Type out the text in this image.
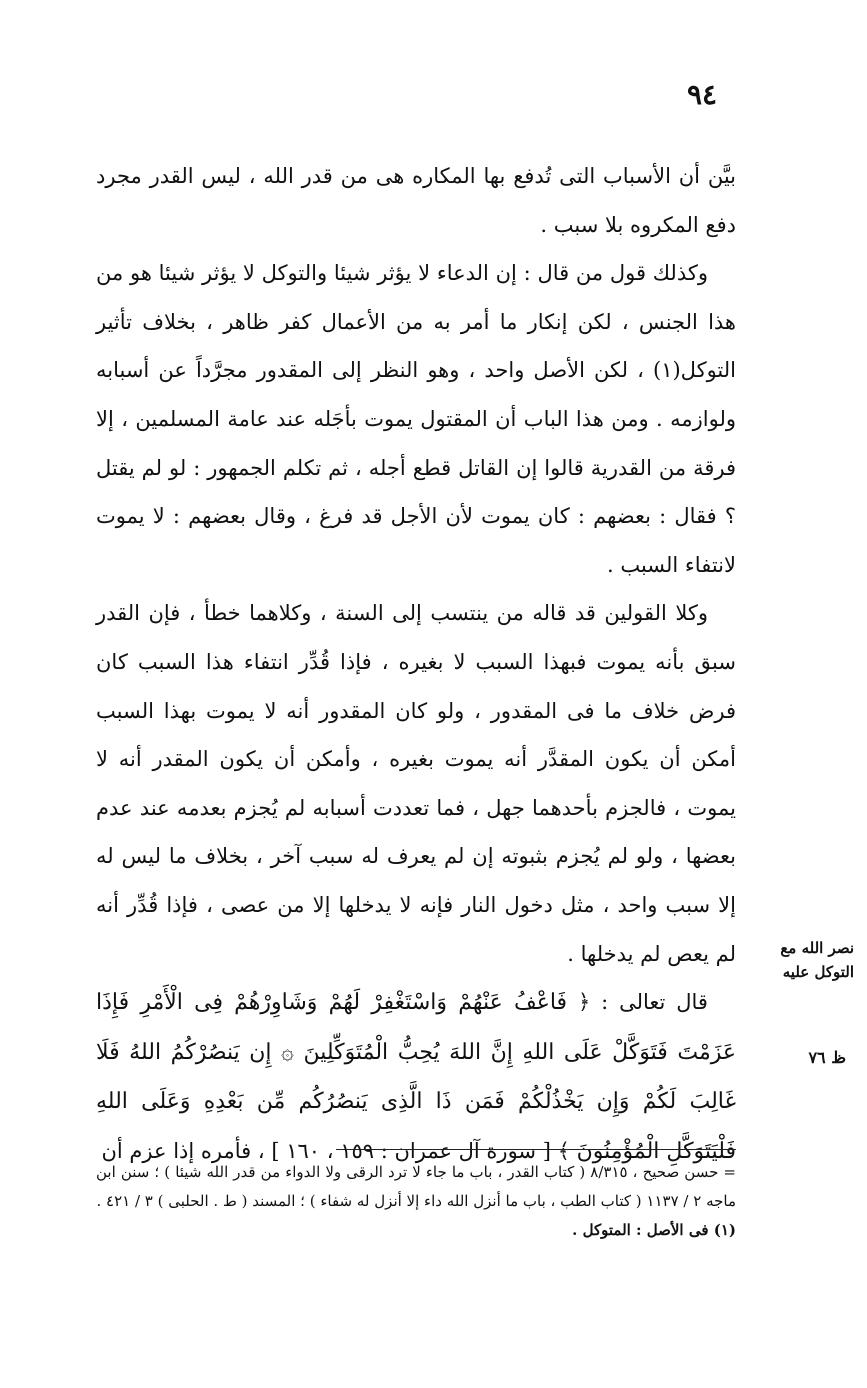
٩٤

بيَّن أن الأسباب التى تُدفع بها المكاره هى من قدر الله ، ليس القدر مجرد دفع المكروه بلا سبب .

وكذلك قول من قال : إن الدعاء لا يؤثر شيئا والتوكل لا يؤثر شيئا هو من هذا الجنس ، لكن إنكار ما أمر به من الأعمال كفر ظاهر ، بخلاف تأثير التوكل(١) ، لكن الأصل واحد ، وهو النظر إلى المقدور مجرَّداً عن أسبابه ولوازمه . ومن هذا الباب أن المقتول يموت بأجَله عند عامة المسلمين ، إلا فرقة من القدرية قالوا إن القاتل قطع أجله ، ثم تكلم الجمهور : لو لم يقتل ؟ فقال : بعضهم : كان يموت لأن الأجل قد فرغ ، وقال بعضهم : لا يموت لانتفاء السبب .

وكلا القولين قد قاله من ينتسب إلى السنة ، وكلاهما خطأ ، فإن القدر سبق بأنه يموت فبهذا السبب لا بغيره ، فإذا قُدِّر انتفاء هذا السبب كان فرض خلاف ما فى المقدور ، ولو كان المقدور أنه لا يموت بهذا السبب أمكن أن يكون المقدَّر أنه يموت بغيره ، وأمكن أن يكون المقدر أنه لا يموت ، فالجزم بأحدهما جهل ، فما تعددت أسبابه لم يُجزم بعدمه عند عدم بعضها ، ولو لم يُجزم بثبوته إن لم يعرف له سبب آخر ، بخلاف ما ليس له إلا سبب واحد ، مثل دخول النار فإنه لا يدخلها إلا من عصى ، فإذا قُدِّر أنه لم يعص لم يدخلها .

قال تعالى : ﴿ فَاعْفُ عَنْهُمْ وَاسْتَغْفِرْ لَهُمْ وَشَاوِرْهُمْ فِى الْأَمْرِ فَإِذَا عَزَمْتَ فَتَوَكَّلْ عَلَى اللهِ إِنَّ اللهَ يُحِبُّ الْمُتَوَكِّلِينَ ۞ إِن يَنصُرْكُمُ اللهُ فَلَا غَالِبَ لَكُمْ وَإِن يَخْذُلْكُمْ فَمَن ذَا الَّذِى يَنصُرُكُم مِّن بَعْدِهِ وَعَلَى اللهِ فَلْيَتَوَكَّلِ الْمُؤْمِنُونَ ﴾ [ سورة آل عمران : ١٥٩ ، ١٦٠ ] ، فأمره إذا عزم أن

نصر الله مع التوكل عليه
ظ ٧٦

= حسن صحيح ، ٨/٣١٥ ( كتاب القدر ، باب ما جاء لا ترد الرقى ولا الدواء من قدر الله شيئا ) ؛ سنن ابن ماجه ٢ / ١١٣٧ ( كتاب الطب ، باب ما أنزل الله داء إلا أنزل له شفاء ) ؛ المسند ( ط . الحلبى ) ٣ / ٤٢١ .

(١) فى الأصل : المتوكل .
